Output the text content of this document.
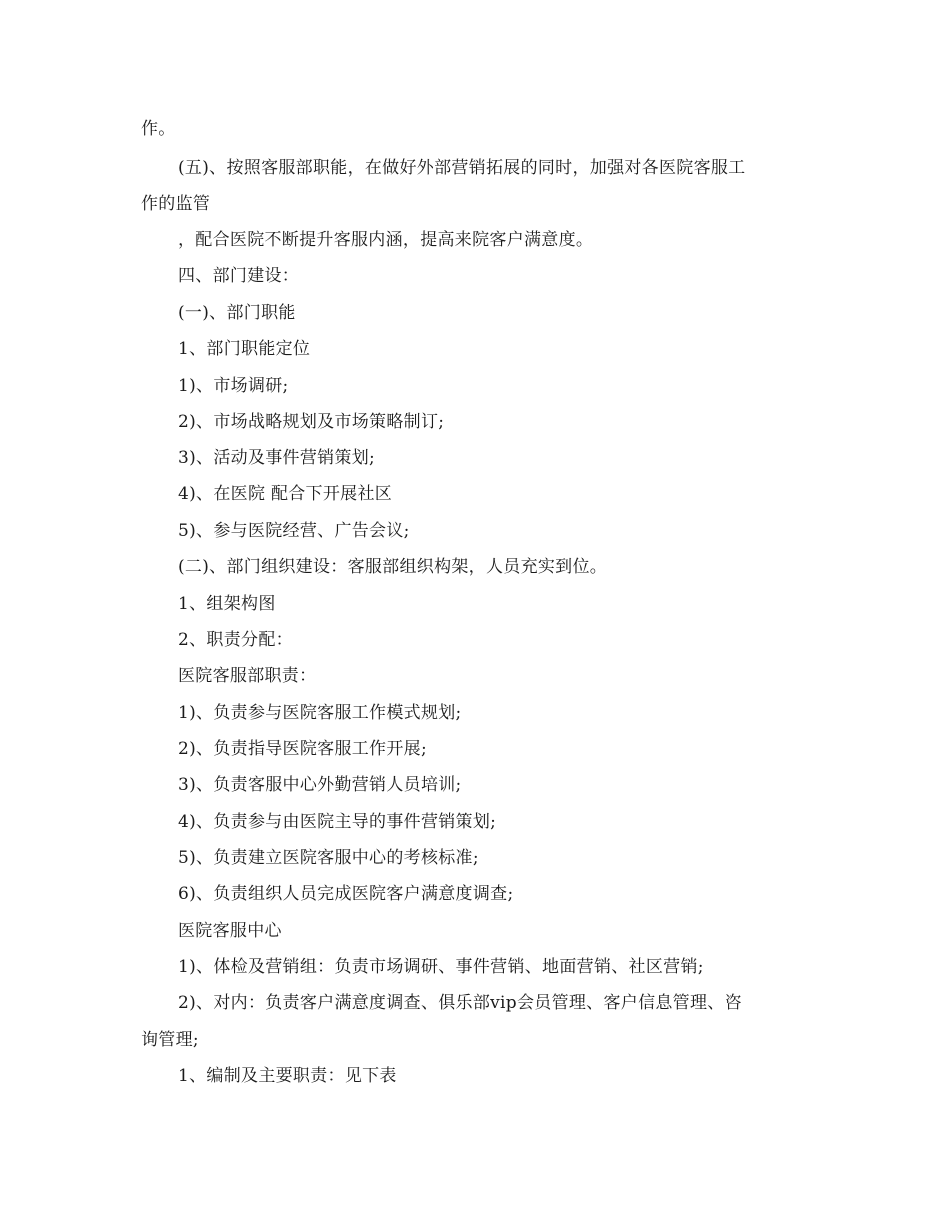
作。
(五)、按照客服部职能，在做好外部营销拓展的同时，加强对各医院客服工
作的监管
，配合医院不断提升客服内涵，提高来院客户满意度。
四、部门建设：
(一)、部门职能
1、部门职能定位
1)、市场调研;
2)、市场战略规划及市场策略制订;
3)、活动及事件营销策划;
4)、在医院 配合下开展社区
5)、参与医院经营、广告会议;
(二)、部门组织建设：客服部组织构架，人员充实到位。
1、组架构图
2、职责分配：
医院客服部职责：
1)、负责参与医院客服工作模式规划;
2)、负责指导医院客服工作开展;
3)、负责客服中心外勤营销人员培训;
4)、负责参与由医院主导的事件营销策划;
5)、负责建立医院客服中心的考核标准;
6)、负责组织人员完成医院客户满意度调查;
医院客服中心
1)、体检及营销组：负责市场调研、事件营销、地面营销、社区营销;
2)、对内：负责客户满意度调查、俱乐部vip会员管理、客户信息管理、咨
询管理;
1、编制及主要职责：见下表
